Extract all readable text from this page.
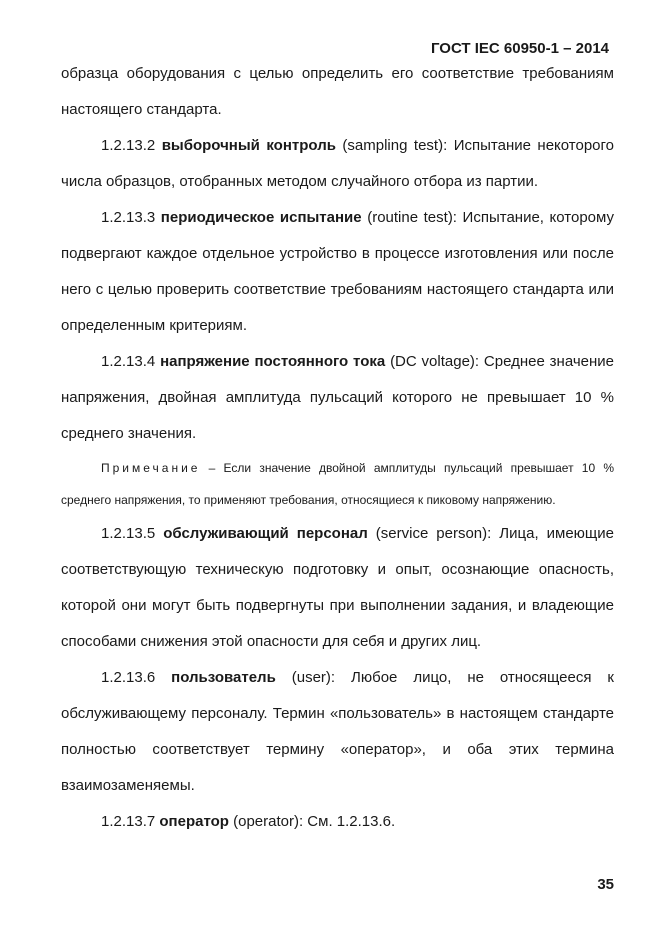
ГОСТ IEC 60950-1 – 2014

образца оборудования с целью определить его соответствие требованиям настоящего стандарта.

1.2.13.2 выборочный контроль (sampling test): Испытание некоторого числа образцов, отобранных методом случайного отбора из партии.

1.2.13.3 периодическое испытание (routine test): Испытание, которому подвергают каждое отдельное устройство в процессе изготовления или после него с целью проверить соответствие требованиям настоящего стандарта или определенным критериям.

1.2.13.4 напряжение постоянного тока (DC voltage): Среднее значение напряжения, двойная амплитуда пульсаций которого не превышает 10 % среднего значения.

Примечание – Если значение двойной амплитуды пульсаций превышает 10 % среднего напряжения, то применяют требования, относящиеся к пиковому напряжению.

1.2.13.5 обслуживающий персонал (service person): Лица, имеющие соответствующую техническую подготовку и опыт, осознающие опасность, которой они могут быть подвергнуты при выполнении задания, и владеющие способами снижения этой опасности для себя и других лиц.

1.2.13.6 пользователь (user): Любое лицо, не относящееся к обслуживающему персоналу. Термин «пользователь» в настоящем стандарте полностью соответствует термину «оператор», и оба этих термина взаимозаменяемы.

1.2.13.7 оператор (operator): См. 1.2.13.6.

35
